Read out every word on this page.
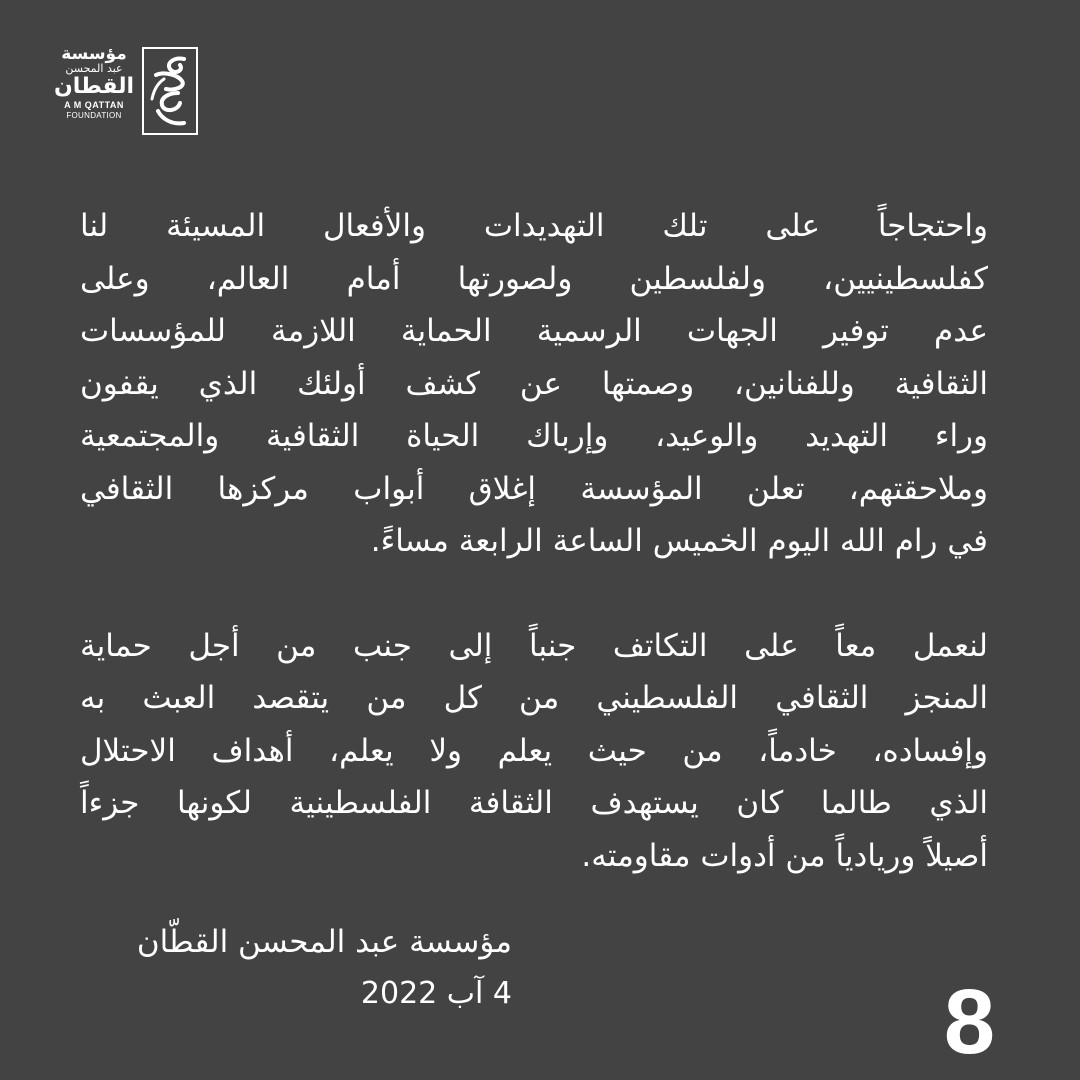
مؤسسة
عبد المحسن
القطان
A M QATTAN
FOUNDATION
واحتجاجاً على تلك التهديدات والأفعال المسيئة لنا
كفلسطينيين، ولفلسطين ولصورتها أمام العالم، وعلى
عدم توفير الجهات الرسمية الحماية اللازمة للمؤسسات
الثقافية وللفنانين، وصمتها عن كشف أولئك الذي يقفون
وراء التهديد والوعيد، وإرباك الحياة الثقافية والمجتمعية
وملاحقتهم، تعلن المؤسسة إغلاق أبواب مركزها الثقافي
في رام الله اليوم الخميس الساعة الرابعة مساءً.
لنعمل معاً على التكاتف جنباً إلى جنب من أجل حماية
المنجز الثقافي الفلسطيني من كل من يتقصد العبث به
وإفساده، خادماً، من حيث يعلم ولا يعلم، أهداف الاحتلال
الذي طالما كان يستهدف الثقافة الفلسطينية لكونها جزءاً
أصيلاً وريادياً من أدوات مقاومته.
مؤسسة عبد المحسن القطّان
4 آب 2022	8
